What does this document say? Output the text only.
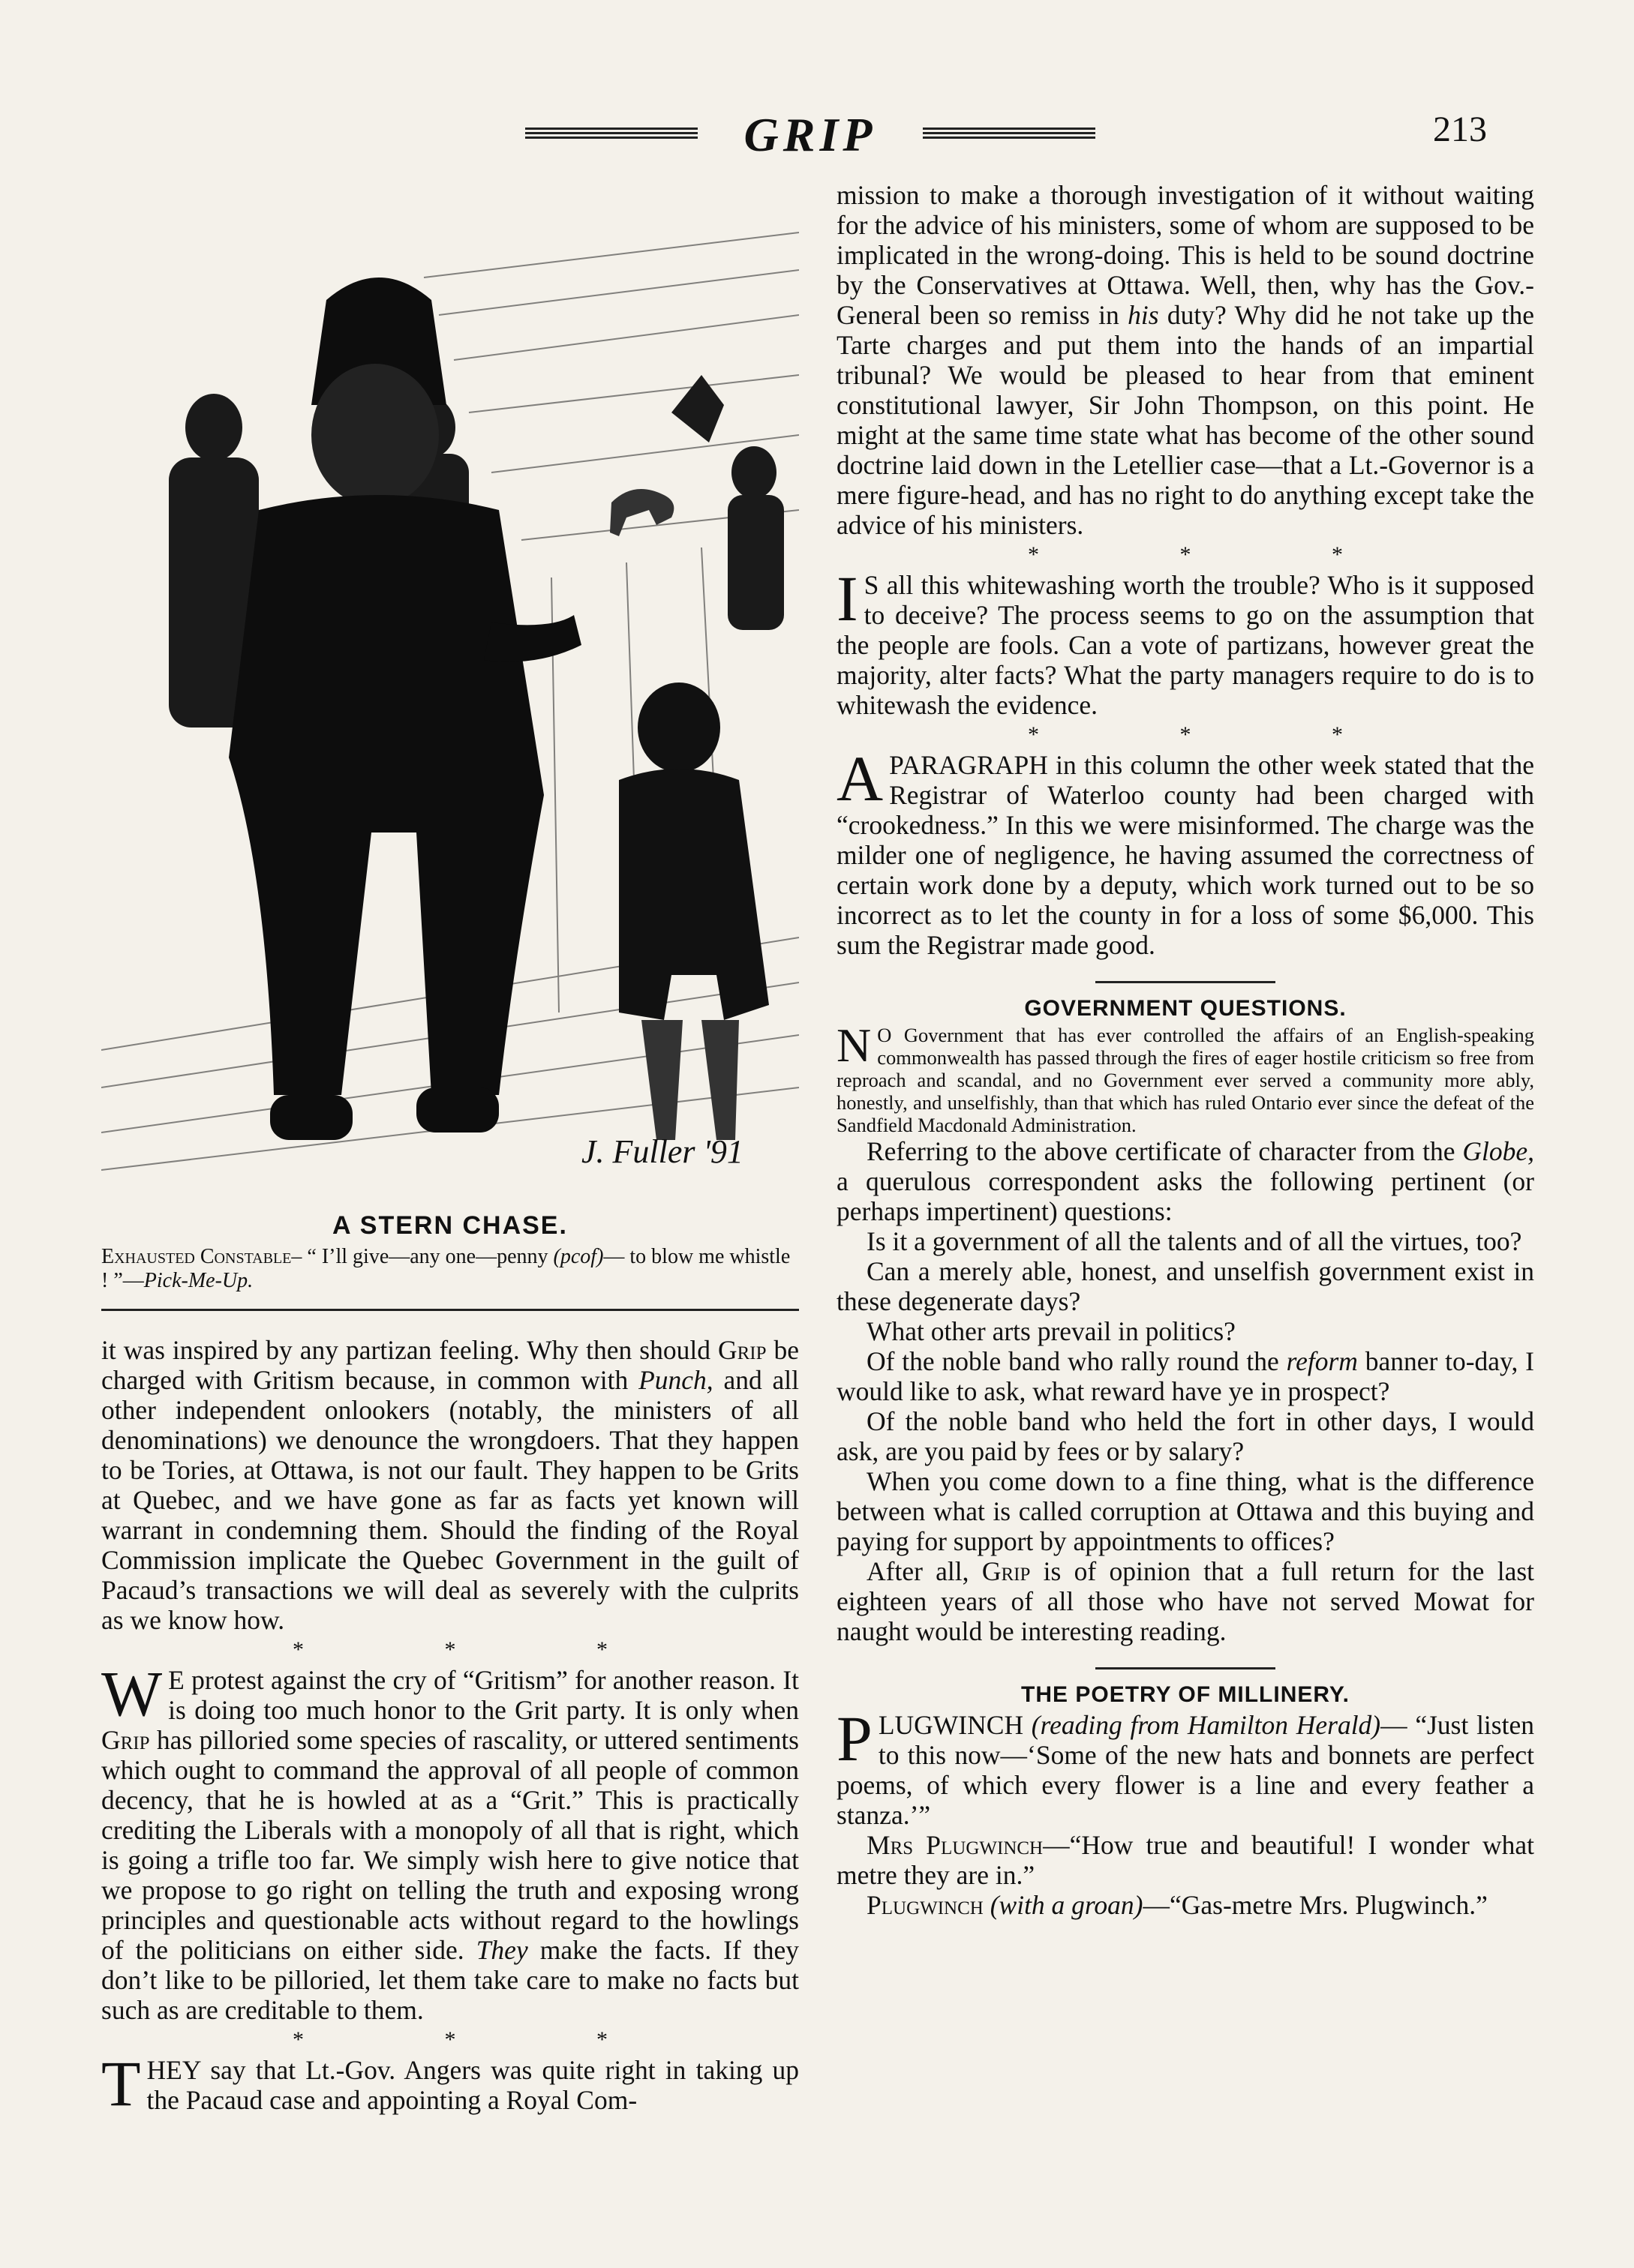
GRIP	213
J. Fuller '91
A STERN CHASE.
Exhausted Constable– “ I’ll give—any one—penny (pcof)— to blow me whistle ! ”—Pick-Me-Up.

it was inspired by any partizan feeling. Why then should Grip be charged with Gritism because, in common with Punch, and all other independent onlookers (notably, the ministers of all denominations) we denounce the wrongdoers. That they happen to be Tories, at Ottawa, is not our fault. They happen to be Grits at Quebec, and we have gone as far as facts yet known will warrant in condemning them. Should the finding of the Royal Commission implicate the Quebec Government in the guilt of Pacaud’s transactions we will deal as severely with the culprits as we know how.

* * *

W E protest against the cry of “Gritism” for another reason. It is doing too much honor to the Grit party. It is only when Grip has pilloried some species of rascality, or uttered sentiments which ought to command the approval of all people of common decency, that he is howled at as a “Grit.” This is practically crediting the Liberals with a monopoly of all that is right, which is going a trifle too far. We simply wish here to give notice that we propose to go right on telling the truth and exposing wrong principles and questionable acts without regard to the howlings of the politicians on either side. They make the facts. If they don’t like to be pilloried, let them take care to make no facts but such as are creditable to them.

* * *

THEY say that Lt.-Gov. Angers was quite right in taking up the Pacaud case and appointing a Royal Com-

mission to make a thorough investigation of it without waiting for the advice of his ministers, some of whom are supposed to be implicated in the wrong-doing. This is held to be sound doctrine by the Conservatives at Ottawa. Well, then, why has the Gov.-General been so remiss in his duty? Why did he not take up the Tarte charges and put them into the hands of an impartial tribunal? We would be pleased to hear from that eminent constitutional lawyer, Sir John Thompson, on this point. He might at the same time state what has become of the other sound doctrine laid down in the Letellier case—that a Lt.-Governor is a mere figure-head, and has no right to do anything except take the advice of his ministers.

* * *

I S all this whitewashing worth the trouble? Who is it supposed to deceive? The process seems to go on the assumption that the people are fools. Can a vote of partizans, however great the majority, alter facts? What the party managers require to do is to whitewash the evidence.

* * *

A PARAGRAPH in this column the other week stated that the Registrar of Waterloo county had been charged with “crookedness.” In this we were misinformed. The charge was the milder one of negligence, he having assumed the correctness of certain work done by a deputy, which work turned out to be so incorrect as to let the county in for a loss of some $6,000. This sum the Registrar made good.

GOVERNMENT QUESTIONS.

N O Government that has ever controlled the affairs of an English-speaking commonwealth has passed through the fires of eager hostile criticism so free from reproach and scandal, and no Government ever served a community more ably, honestly, and unselfishly, than that which has ruled Ontario ever since the defeat of the Sandfield Macdonald Administration.

Referring to the above certificate of character from the Globe, a querulous correspondent asks the following pertinent (or perhaps impertinent) questions:

Is it a government of all the talents and of all the virtues, too?

Can a merely able, honest, and unselfish government exist in these degenerate days?

What other arts prevail in politics?

Of the noble band who rally round the reform banner to-day, I would like to ask, what reward have ye in prospect?

Of the noble band who held the fort in other days, I would ask, are you paid by fees or by salary?

When you come down to a fine thing, what is the difference between what is called corruption at Ottawa and this buying and paying for support by appointments to offices?

After all, Grip is of opinion that a full return for the last eighteen years of all those who have not served Mowat for naught would be interesting reading.

THE POETRY OF MILLINERY.

PLUGWINCH (reading from Hamilton Herald)— “Just listen to this now—‘Some of the new hats and bonnets are perfect poems, of which every flower is a line and every feather a stanza.’”

Mrs Plugwinch—“How true and beautiful! I wonder what metre they are in.”

Plugwinch (with a groan)—“Gas-metre Mrs. Plugwinch.”
